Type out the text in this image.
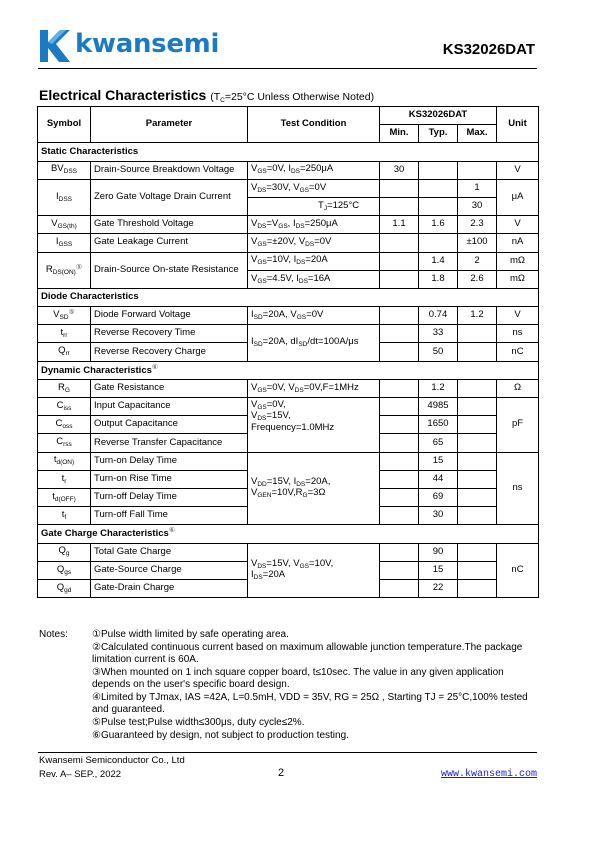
kwansemi	KS32026DAT
Electrical Characteristics ($T_C=25^\circ C$ Unless Otherwise Noted)
Symbol	Parameter	Test Condition	KS32026DAT			Unit
			Min.	Typ.	Max.	
Static Characteristics						
$BV_{DSS}$	Drain-Source Breakdown Voltage	$V_{GS}=0V$, $I_{DS}=250\mu A$	30			V
$I_{DSS}$	Zero Gate Voltage Drain Current	$V_{DS}=30V$, $V_{GS}=0V$			1	μA
		$T_J=125^\circ C$			30	
$V_{GS(th)}$	Gate Threshold Voltage	$V_{DS}=V_{GS}$, $I_{DS}=250\mu A$	1.1	1.6	2.3	V
$I_{GSS}$	Gate Leakage Current	$V_{GS}=\pm 20V$, $V_{DS}=0V$			±100	nA
$R_{DS(ON)}^⑤$	Drain-Source On-state Resistance	$V_{GS}=10V$, $I_{DS}=20A$		1.4	2	mΩ
		$V_{GS}=4.5V$, $I_{DS}=16A$		1.8	2.6	mΩ
Diode Characteristics						
$V_{SD}^⑤$	Diode Forward Voltage	$I_{SD}=20A$, $V_{GS}=0V$		0.74	1.2	V
$t_{rr}$	Reverse Recovery Time	$I_{SD}=20A$, $dI_{SD}/dt=100A/\mu s$		33		ns
$Q_{rr}$	Reverse Recovery Charge			50		nC
Dynamic Characteristics⑥
$R_G$	Gate Resistance	$V_{GS}=0V$, $V_{DS}=0V,F=1MHz$		1.2		Ω
$C_{iss}$	Input Capacitance	$V_{GS}=0V$,
$V_{DS}=15V$,
Frequency=1.0MHz		4985		pF
$C_{oss}$	Output Capacitance			1650		
$C_{rss}$	Reverse Transfer Capacitance			65		
$t_{d(ON)}$	Turn-on Delay Time	$V_{DD}=15V$, $I_{DS}=20A$,
$V_{GEN}=10V,R_G=3\Omega$		15		ns
$t_r$	Turn-on Rise Time			44		
$t_{d(OFF)}$	Turn-off Delay Time			69		
$t_f$	Turn-off Fall Time			30		
Gate Charge Characteristics⑥
$Q_g$	Total Gate Charge	$V_{DS}=15V$, $V_{GS}=10V$,
$I_{DS}=20A$		90		nC
$Q_{gs}$	Gate-Source Charge			15		
$Q_{gd}$	Gate-Drain Charge			22		
Notes: ①Pulse width limited by safe operating area.
②Calculated continuous current based on maximum allowable junction temperature.The package limitation current is 60A.
③When mounted on 1 inch square copper board, t≤10sec. The value in any given application depends on the user's specific board design.
④Limited by TJmax, IAS =42A, L=0.5mH, VDD = 35V, RG = 25Ω , Starting TJ = 25°C,100% tested and guaranteed.
⑤Pulse test;Pulse width≤300μs, duty cycle≤2%.
⑥Guaranteed by design, not subject to production testing.
Kwansemi Semiconductor Co., Ltd
Rev. A– SEP., 2022	2	www.kwansemi.com
